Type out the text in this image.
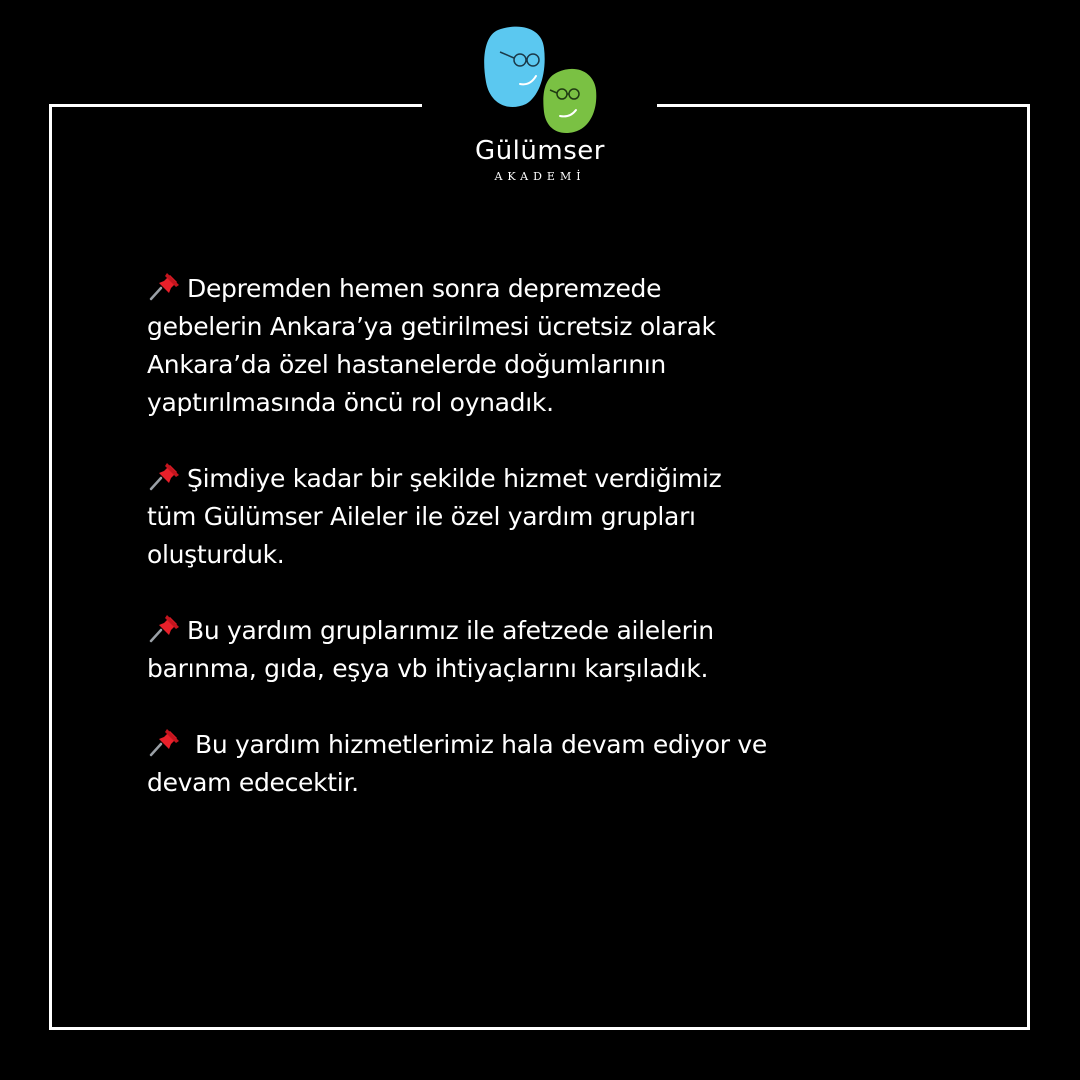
Gülümser
AKADEMİ
Depremden hemen sonra depremzede
gebelerin Ankara’ya getirilmesi ücretsiz olarak
Ankara’da özel hastanelerde doğumlarının
yaptırılmasında öncü rol oynadık.
Şimdiye kadar bir şekilde hizmet verdiğimiz
tüm Gülümser Aileler ile özel yardım grupları
oluşturduk.
Bu yardım gruplarımız ile afetzede ailelerin
barınma, gıda, eşya vb ihtiyaçlarını karşıladık.
Bu yardım hizmetlerimiz hala devam ediyor ve
devam edecektir.
